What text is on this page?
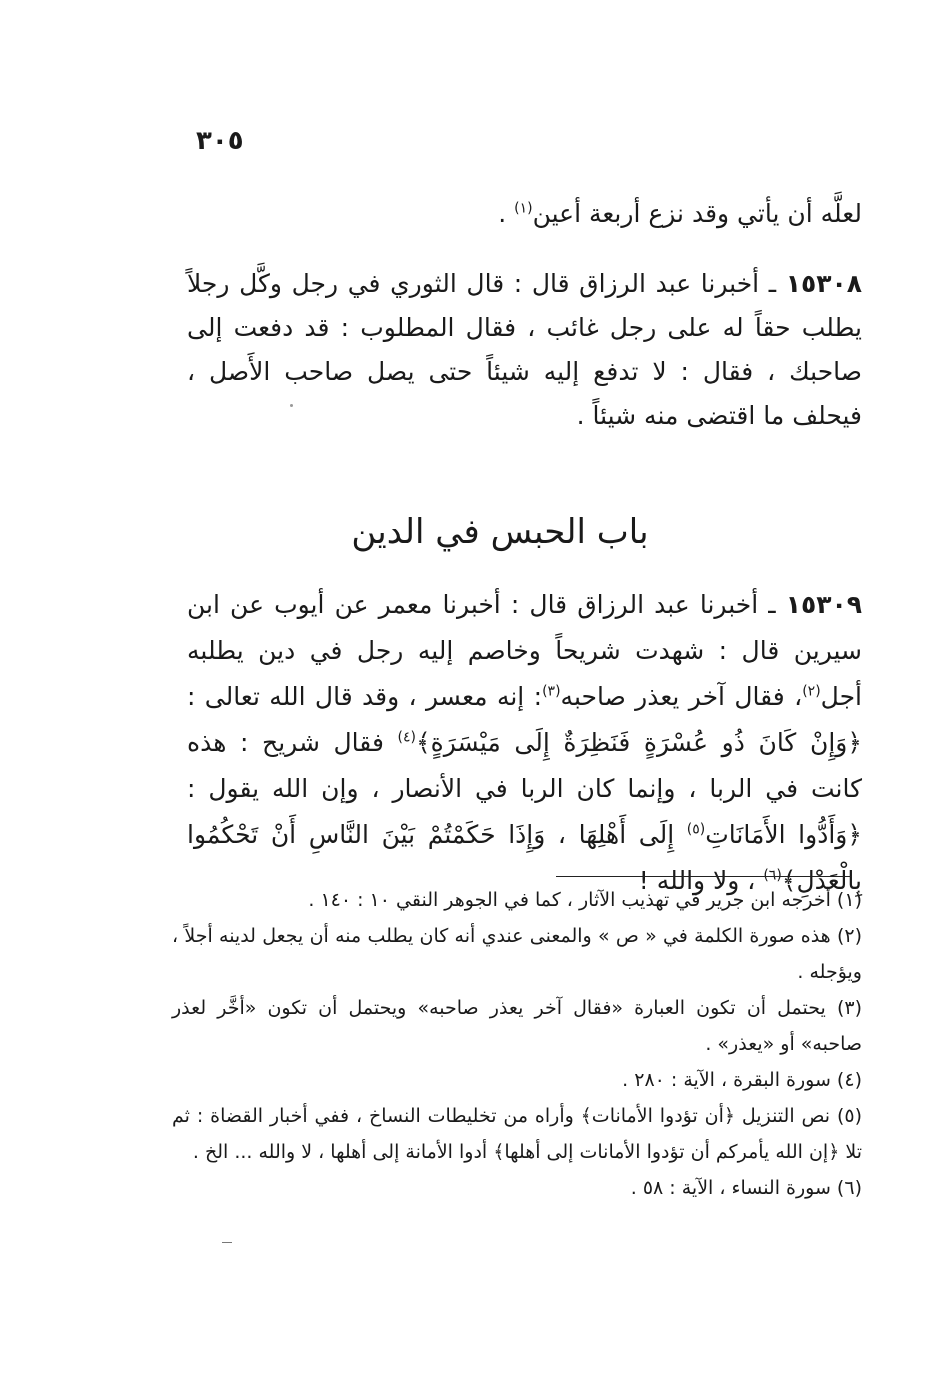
٣٠٥

لعلَّه أن يأتي وقد نزع أربعة أعين$^{(١)}$ .

١٥٣٠٨ ـ أخبرنا عبد الرزاق قال : قال الثوري في رجل وكَّل رجلاً يطلب حقاً له على رجل غائب ، فقال المطلوب : قد دفعت إلى صاحبك ، فقال : لا تدفع إليه شيئاً حتى يصل صاحب الأَصل ، فيحلف ما اقتضى منه شيئاً .

باب الحبس في الدين

١٥٣٠٩ ـ أخبرنا عبد الرزاق قال : أخبرنا معمر عن أيوب عن ابن سيرين قال : شهدت شريحاً وخاصم إليه رجل في دين يطلبه أجل$^{(٢)}$، فقال آخر يعذر صاحبه$^{(٣)}$: إنه معسر ، وقد قال الله تعالى : ﴿وَإِنْ كَانَ ذُو عُسْرَةٍ فَنَظِرَةٌ إِلَى مَيْسَرَةٍ﴾$^{(٤)}$ فقال شريح : هذه كانت في الربا ، وإنما كان الربا في الأنصار ، وإن الله يقول : ﴿وَأَدُّوا الأَمَانَاتِ$^{(٥)}$ إِلَى أَهْلِهَا ، وَإِذَا حَكَمْتُمْ بَيْنَ النَّاسِ أَنْ تَحْكُمُوا بِالْعَدْلِ﴾$^{(٦)}$ ، ولا والله !

(١) أخرجه ابن جرير في تهذيب الآثار ، كما في الجوهر النقي ١٠ : ١٤٠ .

(٢) هذه صورة الكلمة في « ص » والمعنى عندي أنه كان يطلب منه أن يجعل لدينه أجلاً ، ويؤجله .

(٣) يحتمل أن تكون العبارة «فقال آخر يعذر صاحبه» ويحتمل أن تكون «أخَّر لعذر صاحبه» أو «يعذر» .

(٤) سورة البقرة ، الآية : ٢٨٠ .

(٥) نص التنزيل ﴿أن تؤدوا الأمانات﴾ وأراه من تخليطات النساخ ، ففي أخبار القضاة : ثم تلا ﴿إن الله يأمركم أن تؤدوا الأمانات إلى أهلها﴾ أدوا الأمانة إلى أهلها ، لا والله ... الخ .

(٦) سورة النساء ، الآية : ٥٨ .
